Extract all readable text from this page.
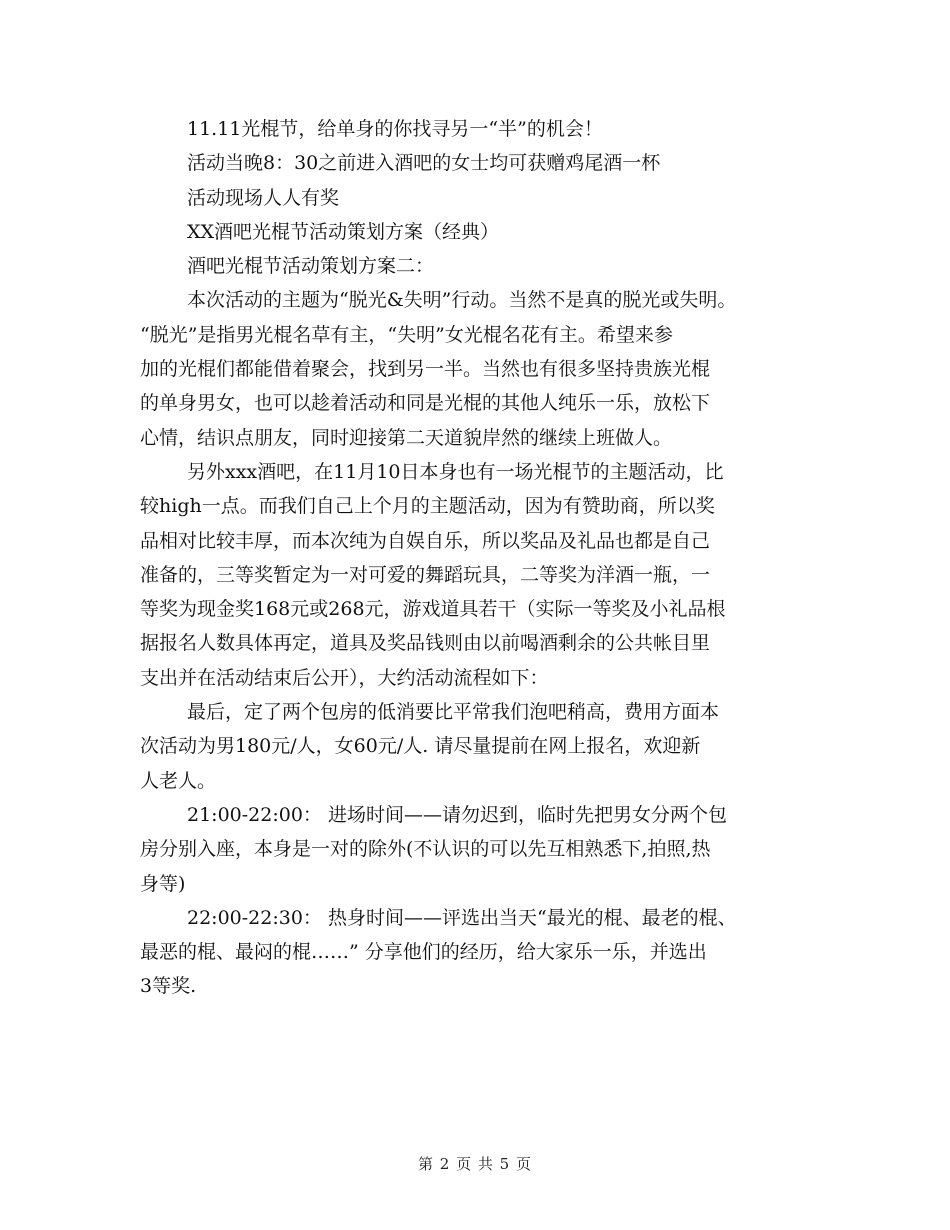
11.11光棍节，给单身的你找寻另一“半”的机会！

活动当晚8：30之前进入酒吧的女士均可获赠鸡尾酒一杯

活动现场人人有奖

XX酒吧光棍节活动策划方案（经典）

酒吧光棍节活动策划方案二：

本次活动的主题为“脱光&失明”行动。当然不是真的脱光或失明。

“脱光”是指男光棍名草有主，“失明”女光棍名花有主。希望来参

加的光棍们都能借着聚会，找到另一半。当然也有很多坚持贵族光棍

的单身男女，也可以趁着活动和同是光棍的其他人纯乐一乐，放松下

心情，结识点朋友，同时迎接第二天道貌岸然的继续上班做人。

另外xxx酒吧，在11月10日本身也有一场光棍节的主题活动，比

较high一点。而我们自己上个月的主题活动，因为有赞助商，所以奖

品相对比较丰厚，而本次纯为自娱自乐，所以奖品及礼品也都是自己

准备的，三等奖暂定为一对可爱的舞蹈玩具，二等奖为洋酒一瓶，一

等奖为现金奖168元或268元，游戏道具若干（实际一等奖及小礼品根

据报名人数具体再定，道具及奖品钱则由以前喝酒剩余的公共帐目里

支出并在活动结束后公开），大约活动流程如下：

最后，定了两个包房的低消要比平常我们泡吧稍高，费用方面本

次活动为男180元/人，女60元/人. 请尽量提前在网上报名，欢迎新

人老人。

21:00-22:00： 进场时间——请勿迟到，临时先把男女分两个包

房分别入座，本身是一对的除外(不认识的可以先互相熟悉下,拍照,热

身等)

22:00-22:30： 热身时间——评选出当天“最光的棍、最老的棍、

最恶的棍、最闷的棍……” 分享他们的经历，给大家乐一乐，并选出

3等奖.

第 2 页 共 5 页
